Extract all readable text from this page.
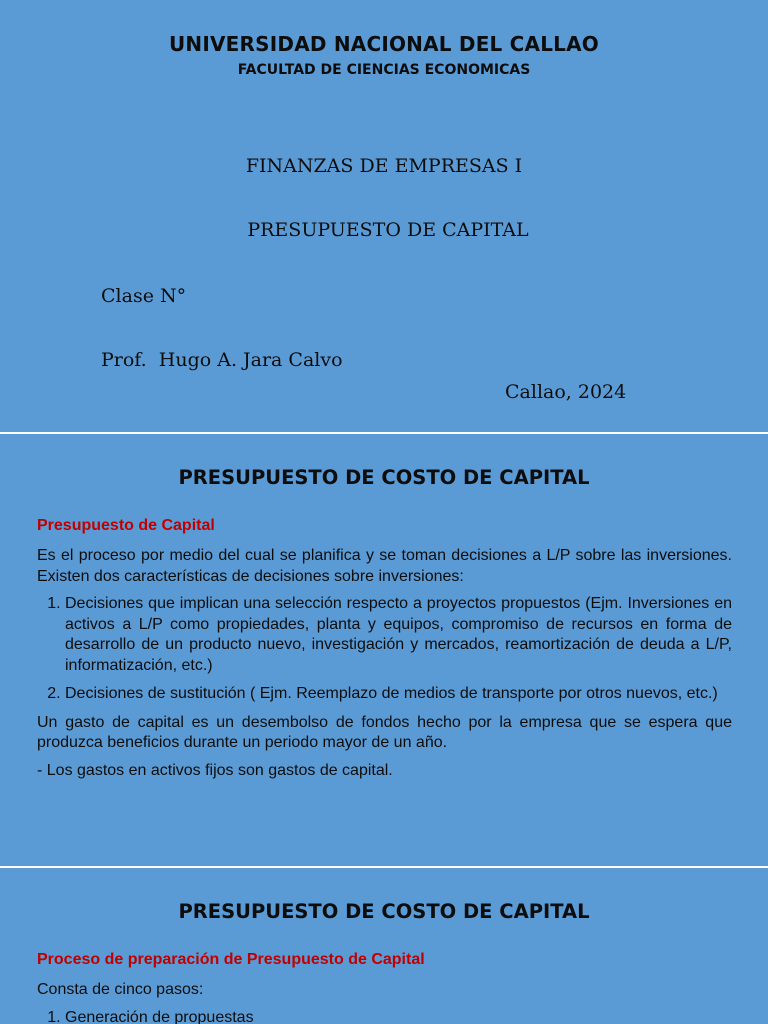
UNIVERSIDAD NACIONAL DEL CALLAO
FACULTAD DE CIENCIAS ECONOMICAS
FINANZAS DE EMPRESAS I
PRESUPUESTO DE CAPITAL
Clase N°
Prof.  Hugo A. Jara Calvo
Callao, 2024
PRESUPUESTO DE COSTO DE CAPITAL
Presupuesto de Capital

Es el proceso por medio del cual se planifica y se toman decisiones a L/P sobre las inversiones. Existen dos características de decisiones sobre inversiones:

1. Decisiones que implican una selección respecto a proyectos propuestos (Ejm. Inversiones en activos a L/P como propiedades, planta y equipos, compromiso de recursos en forma de desarrollo de un producto nuevo, investigación y mercados, reamortización de deuda a L/P, informatización, etc.)
2. Decisiones de sustitución ( Ejm. Reemplazo de medios de transporte por otros nuevos, etc.)

Un gasto de capital es un desembolso de fondos hecho por la empresa que se espera que produzca beneficios durante un periodo mayor de un año.

- Los gastos en activos fijos son gastos de capital.

PRESUPUESTO DE COSTO DE CAPITAL
Proceso de preparación de Presupuesto de Capital

Consta de cinco pasos:

1. Generación de propuestas
